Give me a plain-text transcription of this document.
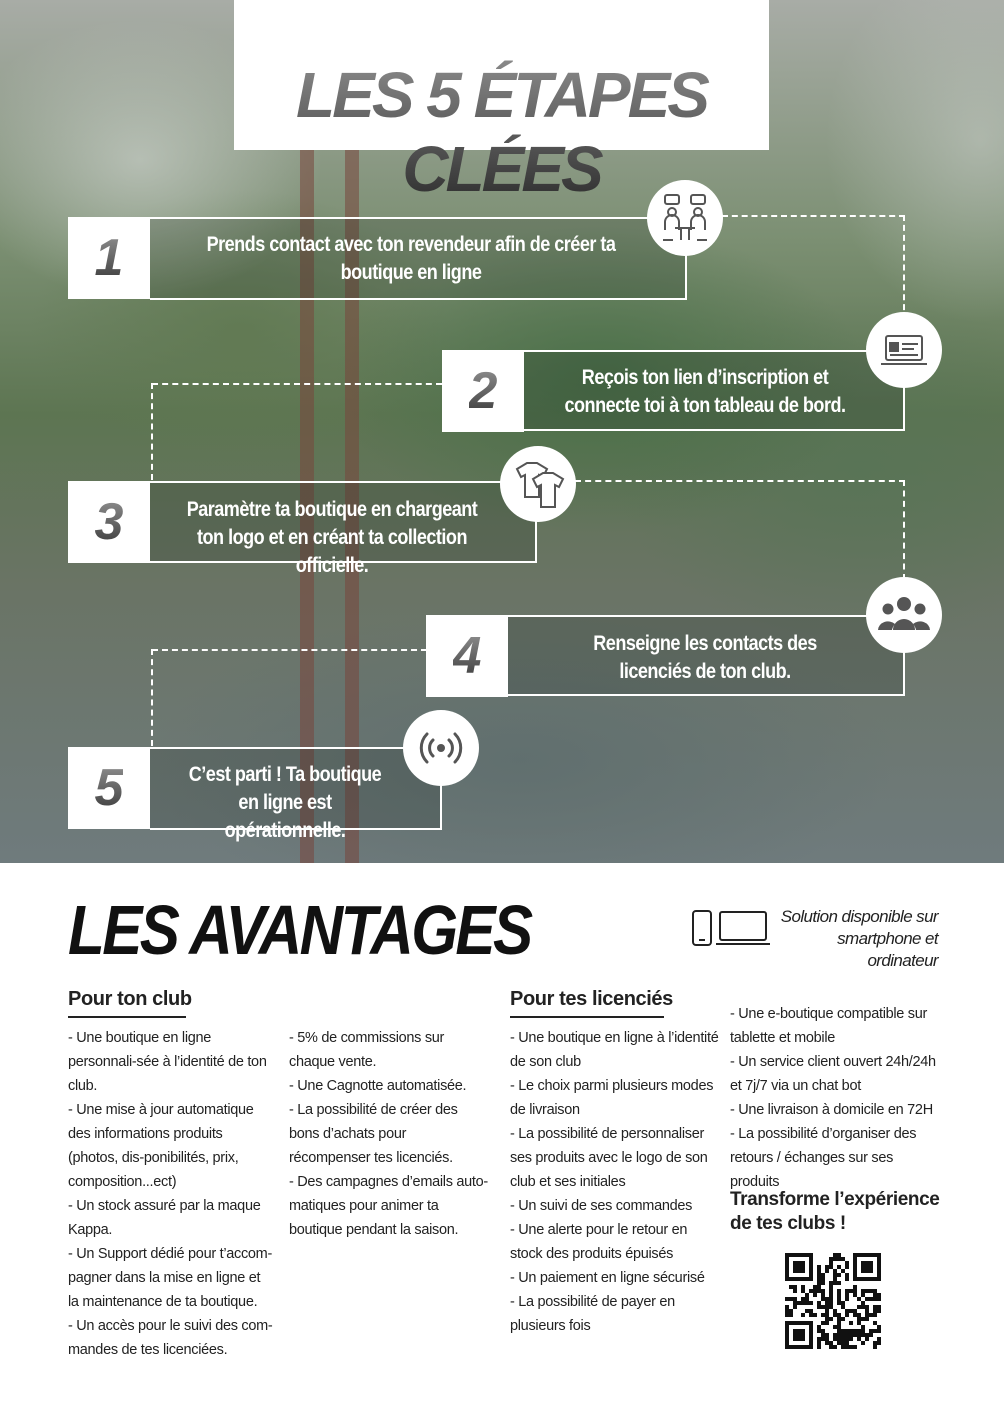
LES 5 ÉTAPES CLÉES
1	Prends contact avec ton revendeur afin de créer ta boutique en ligne
2	Reçois ton lien d’inscription et connecte toi à ton tableau de bord.
3	Paramètre ta boutique en chargeant ton logo et en créant ta collection officielle.
4	Renseigne les contacts des licenciés de ton club.
5	C’est parti ! Ta boutique en ligne est opérationnelle.
LES AVANTAGES	Solution disponible sur smartphone et ordinateur
Pour ton club

- Une boutique en ligne personnali-sée à l’identité de ton club.

- Une mise à jour automatique des informations produits (photos, dis-ponibilités, prix, composition...ect)

- Un stock assuré par la maque Kappa.

- Un Support dédié pour t’accom-pagner dans la mise en ligne et la maintenance de ta boutique.

- Un accès pour le suivi des com-mandes de tes licenciées.

- 5% de commissions sur chaque vente.

- Une Cagnotte automatisée.

- La possibilité de créer des bons d’achats pour récompenser tes licenciés.

- Des campagnes d’emails auto-matiques pour animer ta boutique pendant la saison.

Pour tes licenciés

- Une boutique en ligne à l’identité de son club

- Le choix parmi plusieurs modes de livraison

- La possibilité de personnaliser ses produits avec le logo de son club et ses initiales

- Un suivi de ses commandes

- Une alerte pour le retour en stock des produits épuisés

- Un paiement en ligne sécurisé

- La possibilité de payer en plusieurs fois

- Une e-boutique compatible sur tablette et mobile

- Un service client ouvert 24h/24h et 7j/7 via un chat bot

- Une livraison à domicile en 72H

- La possibilité d’organiser des retours / échanges sur ses produits

Transforme l’expérience de tes clubs !
